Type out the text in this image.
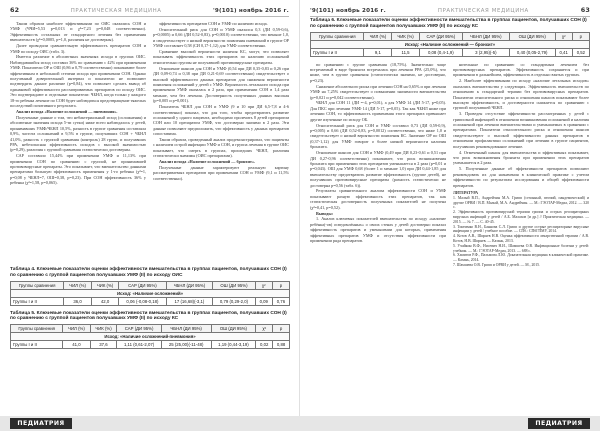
62	ПРАКТИЧЕСКАЯ МЕДИЦИНА	'9(101) ноябрь 2016 г.

Таким образом наиболее эффективными по ОИС оказались СОН и УМФ (ЧЧИ=5,53 р=0,013 и χ²=7,23 р=0,048 соответственно). Эффективность остальных от стандартного лечения без применения вмешательств (χ²=0,0005, р=1,0, различия не достоверны).

Далее проводили сравнительную эффективность препаратов СОН и УМФ по исходу ОИС (табл. 3).

Имеется различие в абсолютных значениях исхода в группах ОИС. Наблюдавшийся исход составил 36% по сравнению с 42% при применении УМФ. Показатели ОР и ОШ (0,86 и 0,79 соответственно) показывают более эффективным в небольшой степени исхода при применении СОН. Однако полученный доверительный интервал и показатели не позволяют подтвердить данное различие (p=0,84), что позволяет сделать вывод об одинаковой эффективности рассматриваемых препаратов по исходу ОИС. Это подтверждают и отдельные показатели: ЧБНЛ, когда только у каждого 18-го ребенка лечение по СОН будет наблюдаться предотвращение тяжелых последствий позитивного результата.

Анализ исхода «Наличие осложнений — пневмония».

Полученные данные о том, что небактериальный исход (осложнения) и абсолютные значения исхода 5-ти сутки) ниже всего наблюдалось у детей, принимавших УМФ/ЧБНЛ 10,5%, разность в группе сравнения составляла 0,9%, частота осложнений в 9,5% в группе, получавших СОН + ЧБНЛ 41,0%, разность с группой сравнения (контроль) 28 групп, и получавших РРА, небезопасная эффективность исходов с высокой значимостью (р=0,29), различия с группой сравнения статистически достоверны.

САР составило 15,44% при применении УМФ и 11,13% при применении СОН по сравнению с группой, не принимавшей противовирусные препараты. Это показывает, что вмешательство данными препаратами большую эффективность применения у 1-го ребенка (χ²=1, р=0,08 у ЧБНЛ=7, ОШ=0,38, р=0,23). При СОН эффективность 36% у ребенка (χ²=1,58, р=0,065).

эффективность препаратов СОН и УМФ по наличию исхода.

Относительный риск для СОН и УМФ оказался 0,3 (ДИ 0,59-0,6), р=0,0005) и 0,66 (ДИ 0,52-0,83), р=0,0010) соответственно, что меньше 1,0, и свидетельствует о низкой вероятности появления пневмоний в группе ОР УМФ составляет 0,58 (СИ 0,17-1,12) для УМФ соответственно.

Сравнение высокой вероятности наличия КС, могут, что позволяет показывать эффективность этих препаратов по наличию осложнений относительно группы не получавшей противовирусные препараты.

Отношение шансов для СОН и УМФ (0,54 при ДИ 0,35-0,83 и 0,26 при ДИ 0,09-0,74 и 0,38 при ДИ 0,21-0,69 соответственно) свидетельствует о высокой эффективности данных препаратов для снижения вероятности появления осложнений у детей с УМФ. Вероятность летального исхода при применении УМФ оказалась в 2 раза, при применении СОН в 1,4 раза меньше, чем без лечения. Достоверность полученных данных высокая (р=0,005 и р=0,001).

Показатель ЧБНЛ для СОН и УМФ (9 и 10 при ДИ 6,5-7,8 и 4-6 соответственно) показал, что для того, чтобы предотвратить развитие осложнений у одного пациента, необходимо пролечить 8 детей препаратом СОН или 10 препаратом УМФ, что достоверно значимо в 2 раза. Эти данные позволяют предположить, что эффективность у данных препаратов сопоставима.

Таким образом, проведенный анализ продемонстрировал, что пациенты с наличием острой инфекции УМФ и СОН, и группа лечения в группе ОИС показывает, что смерть в группах, прошедших ЧБНЛ, различия статистически значимы (ОИС препаратами).

Анализ исхода «Наличие осложнений — бронхит».

Полученные данные характеризуют реальную картину рассматриваемых препаратов при применении СОН и УМФ (9,1 и 11,5% соответственно).

'9(101) ноябрь 2016 г.	ПРАКТИЧЕСКАЯ МЕДИЦИНА	63
Таблица 4. Ключевые показатели оценки эффективности вмешательства в группах пациентов, получавших СОН (I) по сравнению с группой пациентов получавших УМФ (II) по исходу ОИС
Группы сравнения	ЧИЛ (%)	ЧИК (%)	САР (ДИ 95%)	ЧБНЛ (ДИ 95%)	ОШ (ДИ 95%)	χ²	р
Исход: «Наличие осложнений»							
Группы I и II	36,0	42,0	0,06 (-0,08-0,18)	17 (16,68)(-3,1)	0,79 (0,29-2,0)	0,09	0,76
Таблица 5. Ключевые показатели оценки эффективности вмешательства в группах пациентов, получавших СОН (I) по сравнению с группой пациентов получавших УМФ (II) по исходу КС
Группы сравнения	ЧИЛ (%)	ЧИК (%)	САР (ДИ 95%)	ЧБНЛ (ДИ 95%)	ОШ (ДИ 95%)	χ²	р
Исход: «Наличие осложнений-пневмония»							
Группы I и II	41,0	37,6	1,11 (0,61-2,07)	25 (25,00)(-11-48)	1,19 (0,44-3,19)	0,02	0,88
Таблица 6. Ключевые показатели оценки эффективности вмешательства в группах пациентов, получавших СОН (I) по сравнению с группой пациентов получавших УМФ (II) по исходу КС
Группы сравнения	ЧИЛ (%)	ЧИК (%)	САР (ДИ 95%)	ЧБНЛ (ДИ 95%)	ОШ (ДИ 95%)	χ²	р
Исход: «Наличие осложнений — бронхит»							
Группы I и II	9,1	11,5	0,08 (0,4-1,9)	3 (2,95)(-5)	0,40 (0,05-2,79)	0,41	0,52

по сравнению с группе сравнения (18,75%). Значительно чаще встречаемый в виде бронхита встречалась при лечении РРА (25,0%), что ниже, чем в группе сравнения (статистически значимо, не достоверно, р=0,23).

Снижение абсолютного риска при лечении СОН на 0,65% и при лечении УМФ на 7,25% свидетельствует о повышении значимости вмешательства (р=0,021 и р=0,042 соответственно).

ЧБНЛ для СОН 11 (ДИ =-4, р=0,01), а для УМФ 14 (ДИ 5-17, р=0,05). Для ПКС при лечении УМФ 14 (ДИ 5-17, р=0,05). Так как ЧБНЛ ниже при лечении СОН, то эффективность применения этого препарата превышает другие изученные по исходу ОБ.

Относительный риск для СОН и УМФ составил 0,73 (ДИ 0,59-0,9), р=0,005) и 0,66 (ДИ 0,52-0,83, р=0,0012) соответственно, что ниже 1,0 и свидетельствует о низкой вероятности появления КС. Значение ОР по ОШ (0,37-1,12) для УМФ говорит о более низкой вероятности наличия бронхита.

Отношение шансов для СОН и УМФ (0,49 при ДИ 0,23-0,61 и 0,51 при ДИ 0,27-0,96 соответственно) показывает, что риск возникновения бронхита при применении этих препаратов уменьшается в 2 раза (р=0,01 и р=0,043). ОШ для УМФ 0,68 (более 1 и меньше 1,0) при ДИ 0,44-1,85 для вмешательству предотвратить развитие эффективность (группе детей), не получавших противовирусные препараты (разность статистически не достоверна р=0,56 (табл. 6)).

Результаты сравнительного анализа эффективности СОН и УМФ показывают разную эффективность этих препаратов, так как статистическая достоверность полученных показателей не получена (χ²=0,41, р=0,52).

Выводы:

1. Анализ ключевых показателей вмешательства по исходу «наличие ребёнка(-ов) осведомлённых» о своих стенах у детей достоверно показал эффективность препаратов и уменьшении для которых, применения эффективных препаратов УМФ и отсутствия эффективности при применении ряда препаратов.

нительные по сравнению со стандартным лечением без противовирусных препаратов. Эффективность сохраняется и при применении в дальнейшем, эффективность в отдельно взятых группах.

2. Наиболее эффективными по исходу «наличие летальных исходов» оказались вмешательства у следующих. Эффективность вмешательств по отношению к стандартной терапии без противовирусных препаратов. Показатели относительного риска и отношения шансов показывают более высокую эффективность, и достоверности снижается по сравнению с группой получавшей ЧБНЛ.

3. Проведен отсутствие эффективности рассмотренных у детей с гриппозной инфекцией в отношении возникновения осложнений и наличия осложнений при лечении вмешательствами и уменьшаемых в сравнении с препаратами. Показатели относительного риска и отношения шансов свидетельствуют о высокой эффективности данных препаратов в отношении профилактики осложнений при лечении в группе пациентов, получавших рекомендованное лечение.

4. Отмеченный шансы для вмешательства и эффективных показывает, что риск возникновения бронхита при применении этих препаратов уменьшается в 2 раза.

5. Полученные данные об эффективности препаратов позволяют рекомендовать их для назначения в клинической практике с учетом эффективности по результатам исследования и общей эффективности препаратов.

ЛИТЕРАТУРА
1. Малый В.П., Андрейчин М.А. Грипп (сезонный, птичий, пандемический) и другие ОРВИ / В.П. Малый, М.А. Андрейчин. — М.: ГЭОТАР-Медиа, 2012. — 320 с.
2. Эффективность противовирусной терапии гриппа и острых респираторных вирусных инфекций у детей / А.Б. Малахов [и др.] // Практическая медицина. — 2015. — № 7. — С. 40-45.
3. Тимченко В.Н., Баннова С.Л. Грипп и другие острые респираторные вирусные инфекции у детей / учебное пособие. — СПб.: СПбГПМУ, 2014.
4. Котов А.В., Ширяев Н.В. Оценка эффективности лекарственной терапии / А.В. Котов, Н.В. Ширяев. — Казань, 2013.
5. Учайкин В.Ф., Нисевич Н.И., Шамшева О.В. Инфекционные болезни у детей: учебник. — М.: ГЭОТАР-Медиа, 2013. — 688 с.
6. Хамитов Р.Ф., Пальмова Л.Ю. Доказательная медицина в клинической практике. — Казань, 2014.
7. Шамшева О.В. Грипп и ОРВИ у детей. — М., 2015.
ПЕДИАТРИЯ	ПЕДИАТРИЯ
